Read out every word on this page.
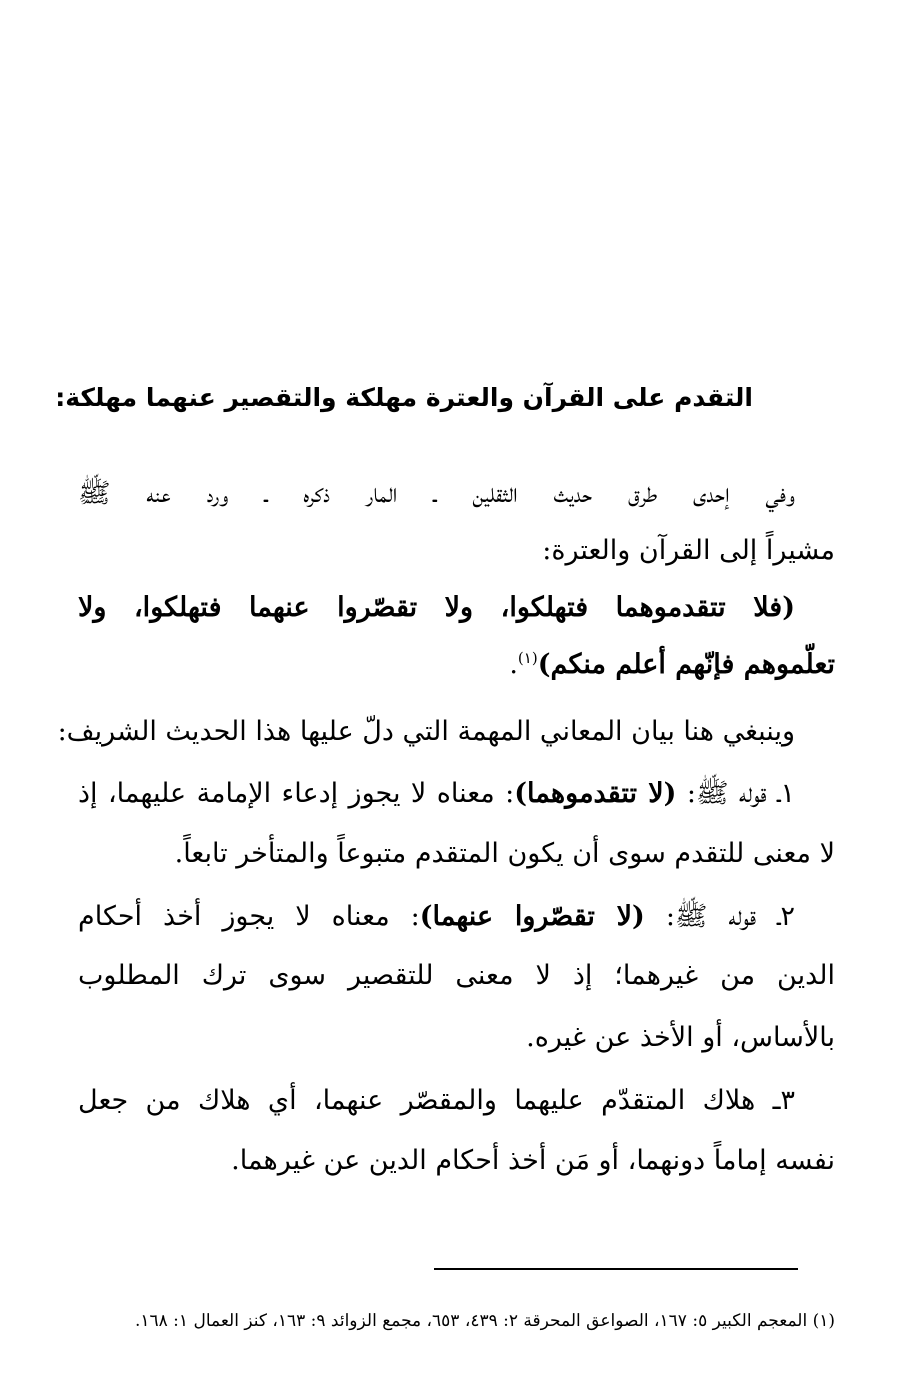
التقدم على القرآن والعترة مهلكة والتقصير عنهما مهلكة:
وفي إحدى طرق حديث الثقلين ـ المار ذكره ـ ورد عنه ﷺ
مشيراً إلى القرآن والعترة:
(فلا تتقدموهما فتهلكوا، ولا تقصّروا عنهما فتهلكوا، ولا
تعلّموهم فإنّهم أعلم منكم)$^{(١)}$.
وينبغي هنا بيان المعاني المهمة التي دلّ عليها هذا الحديث الشريف:
١ـ قوله ﷺ: (لا تتقدموهما): معناه لا يجوز إدعاء الإمامة عليهما، إذ
لا معنى للتقدم سوى أن يكون المتقدم متبوعاً والمتأخر تابعاً.
٢ـ قوله ﷺ: (لا تقصّروا عنهما): معناه لا يجوز أخذ أحكام
الدين من غيرهما؛ إذ لا معنى للتقصير سوى ترك المطلوب
بالأساس، أو الأخذ عن غيره.
٣ـ هلاك المتقدّم عليهما والمقصّر عنهما، أي هلاك من جعل
نفسه إماماً دونهما، أو مَن أخذ أحكام الدين عن غيرهما.
(١) المعجم الكبير ٥: ١٦٧، الصواعق المحرقة ٢: ٤٣٩، ٦٥٣، مجمع الزوائد ٩: ١٦٣، كنز العمال ١: ١٦٨.
